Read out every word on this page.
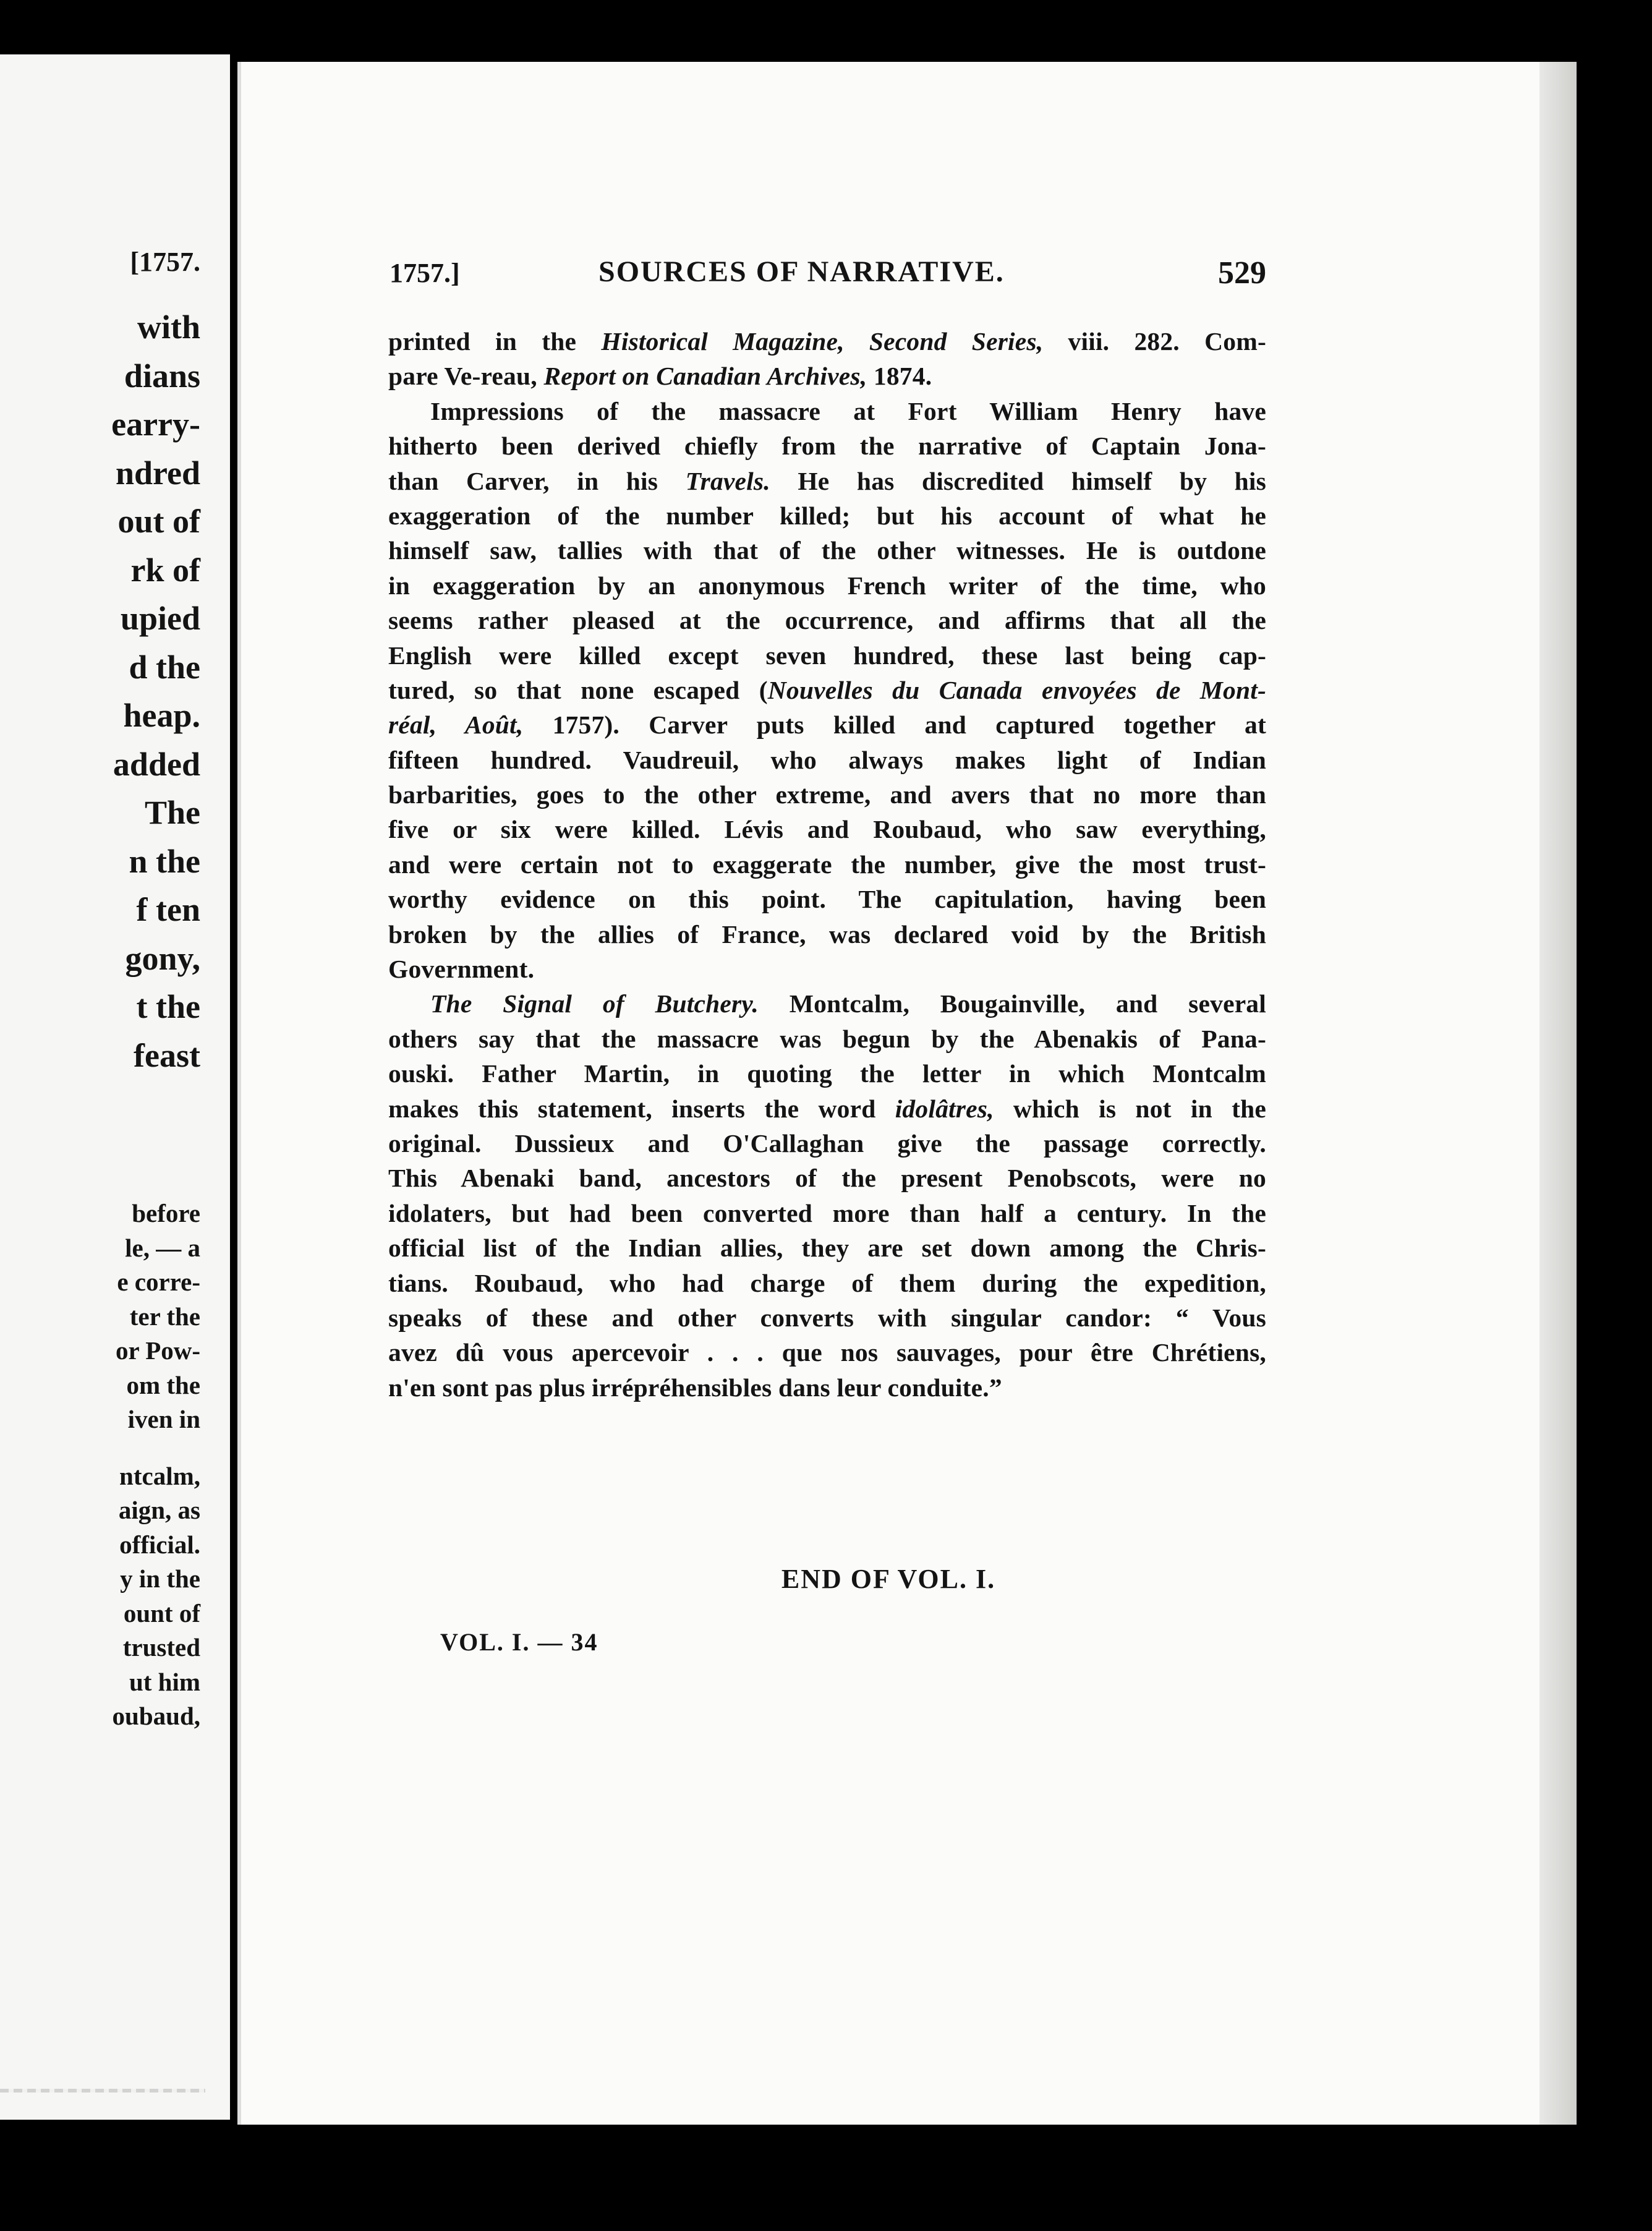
[1757.
with
dians
earry-
ndred
out of
rk of
upied
d the
heap.
added
The
n the
f ten
gony,
t the
feast
before
le, — a
e corre-
ter the
or Pow-
om the
iven in
ntcalm,
aign, as
official.
y in the
ount of
trusted
ut him
oubaud,
1757.]	SOURCES OF NARRATIVE.	529
printed in the Historical Magazine, Second Series, viii. 282. Com-
pare Ve-reau, Report on Canadian Archives, 1874.
Impressions of the massacre at Fort William Henry have
hitherto been derived chiefly from the narrative of Captain Jona-
than Carver, in his Travels. He has discredited himself by his
exaggeration of the number killed; but his account of what he
himself saw, tallies with that of the other witnesses. He is outdone
in exaggeration by an anonymous French writer of the time, who
seems rather pleased at the occurrence, and affirms that all the
English were killed except seven hundred, these last being cap-
tured, so that none escaped (Nouvelles du Canada envoyées de Mont-
réal, Août, 1757). Carver puts killed and captured together at
fifteen hundred. Vaudreuil, who always makes light of Indian
barbarities, goes to the other extreme, and avers that no more than
five or six were killed. Lévis and Roubaud, who saw everything,
and were certain not to exaggerate the number, give the most trust-
worthy evidence on this point. The capitulation, having been
broken by the allies of France, was declared void by the British
Government.
The Signal of Butchery. Montcalm, Bougainville, and several
others say that the massacre was begun by the Abenakis of Pana-
ouski. Father Martin, in quoting the letter in which Montcalm
makes this statement, inserts the word idolâtres, which is not in the
original. Dussieux and O'Callaghan give the passage correctly.
This Abenaki band, ancestors of the present Penobscots, were no
idolaters, but had been converted more than half a century. In the
official list of the Indian allies, they are set down among the Chris-
tians. Roubaud, who had charge of them during the expedition,
speaks of these and other converts with singular candor: “ Vous
avez dû vous apercevoir . . . que nos sauvages, pour être Chrétiens,
n'en sont pas plus irrépréhensibles dans leur conduite.”
END OF VOL. I.
VOL. I. — 34
